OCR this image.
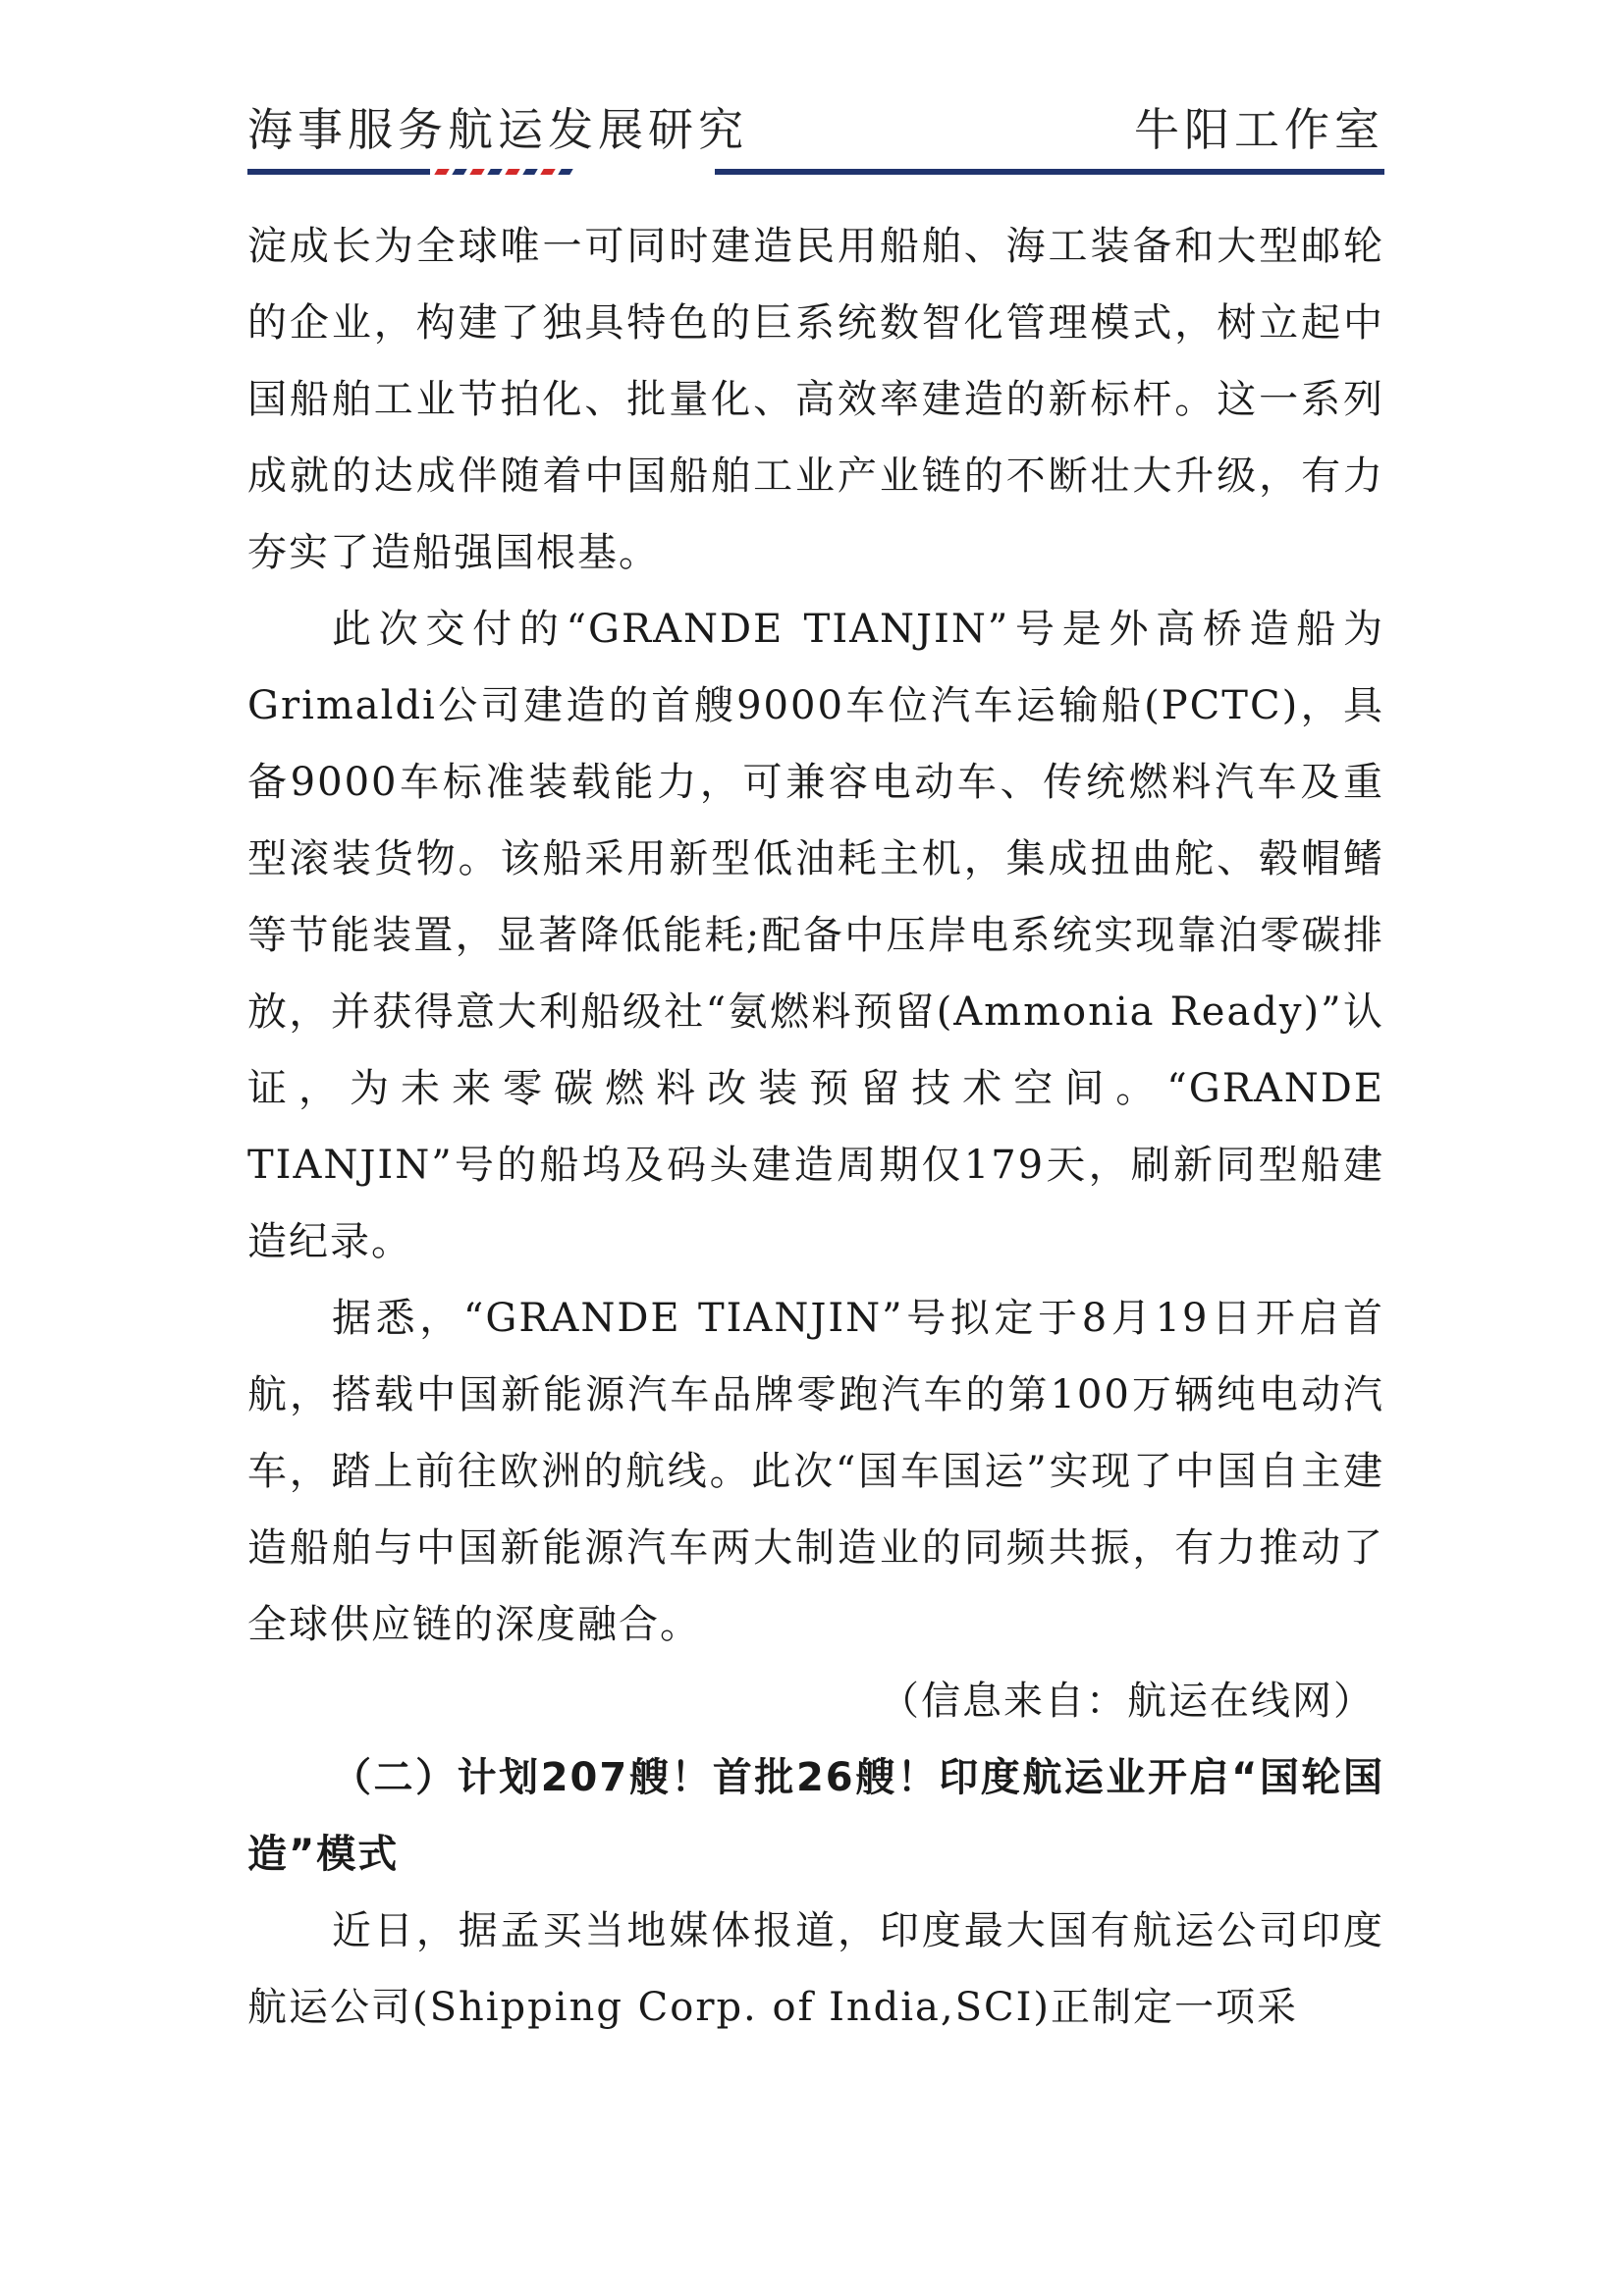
海事服务航运发展研究	牛阳工作室

淀成长为全球唯一可同时建造民用船舶、海工装备和大型邮轮的企业，构建了独具特色的巨系统数智化管理模式，树立起中国船舶工业节拍化、批量化、高效率建造的新标杆。这一系列成就的达成伴随着中国船舶工业产业链的不断壮大升级，有力夯实了造船强国根基。

此次交付的“GRANDE TIANJIN”号是外高桥造船为Grimaldi公司建造的首艘9000车位汽车运输船(PCTC)，具备9000车标准装载能力，可兼容电动车、传统燃料汽车及重型滚装货物。该船采用新型低油耗主机，集成扭曲舵、毂帽鳍等节能装置，显著降低能耗;配备中压岸电系统实现靠泊零碳排放，并获得意大利船级社“氨燃料预留(Ammonia Ready)”认证，为未来零碳燃料改装预留技术空间。“GRANDE TIANJIN”号的船坞及码头建造周期仅179天，刷新同型船建造纪录。

据悉，“GRANDE TIANJIN”号拟定于8月19日开启首航，搭载中国新能源汽车品牌零跑汽车的第100万辆纯电动汽车，踏上前往欧洲的航线。此次“国车国运”实现了中国自主建造船舶与中国新能源汽车两大制造业的同频共振，有力推动了全球供应链的深度融合。

（信息来自：航运在线网）

（二）计划207艘！首批26艘！印度航运业开启“国轮国造”模式

近日，据孟买当地媒体报道，印度最大国有航运公司印度航运公司(Shipping Corp. of India,SCI)正制定一项采
